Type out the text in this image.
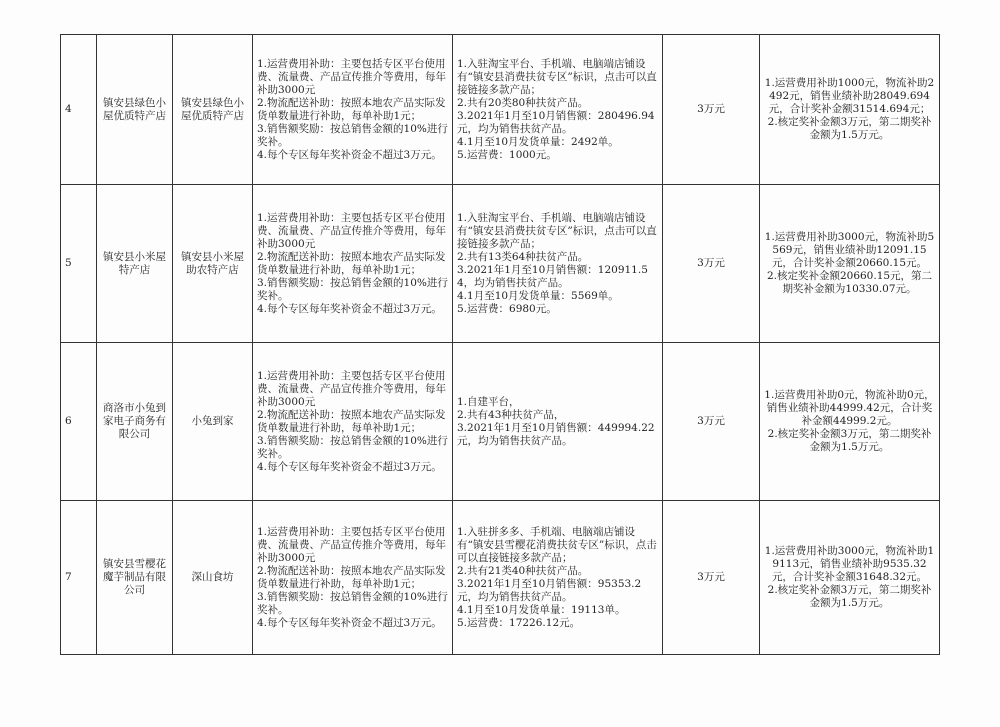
4	镇安县绿色小屋优质特产店	镇安县绿色小屋优质特产店	1.运营费用补助：主要包括专区平台使用费、流量费、产品宣传推介等费用，每年补助3000元
2.物流配送补助：按照本地农产品实际发货单数量进行补助，每单补助1元；
3.销售额奖励：按总销售金额的10%进行奖补。
4.每个专区每年奖补资金不超过3万元。	1.入驻淘宝平台、手机端、电脑端店铺设有“镇安县消费扶贫专区”标识，点击可以直接链接多款产品；
2.共有20类80种扶贫产品。
3.2021年1月至10月销售额：280496.94元，均为销售扶贫产品。
4.1月至10月发货单量：2492单。
5.运营费：1000元。	3万元	1.运营费用补助1000元，物流补助2492元，销售业绩补助28049.694元，合计奖补金额31514.694元；
2.核定奖补金额3万元，第二期奖补金额为1.5万元。

5	镇安县小米屋特产店	镇安县小米屋助农特产店	1.运营费用补助：主要包括专区平台使用费、流量费、产品宣传推介等费用，每年补助3000元
2.物流配送补助：按照本地农产品实际发货单数量进行补助，每单补助1元；
3.销售额奖励：按总销售金额的10%进行奖补。
4.每个专区每年奖补资金不超过3万元。	1.入驻淘宝平台、手机端、电脑端店铺设有“镇安县消费扶贫专区”标识，点击可以直接链接多款产品；
2.共有13类64种扶贫产品。
3.2021年1月至10月销售额：120911.54，均为销售扶贫产品。
4.1月至10月发货单量：5569单。
5.运营费：6980元。	3万元	1.运营费用补助3000元，物流补助5569元，销售业绩补助12091.15元，合计奖补金额20660.15元。
2.核定奖补金额20660.15元，第二期奖补金额为10330.07元。

6	商洛市小兔到家电子商务有限公司	小兔到家	1.运营费用补助：主要包括专区平台使用费、流量费、产品宣传推介等费用，每年补助3000元
2.物流配送补助：按照本地农产品实际发货单数量进行补助，每单补助1元；
3.销售额奖励：按总销售金额的10%进行奖补。
4.每个专区每年奖补资金不超过3万元。	1.自建平台，
2.共有43种扶贫产品，
3.2021年1月至10月销售额：449994.22元，均为销售扶贫产品。	3万元	1.运营费用补助0元，物流补助0元，销售业绩补助44999.42元，合计奖补金额44999.2元。
2.核定奖补金额3万元，第二期奖补金额为1.5万元。

7	镇安县雪樱花魔芋制品有限公司	深山食坊	1.运营费用补助：主要包括专区平台使用费、流量费、产品宣传推介等费用，每年补助3000元
2.物流配送补助：按照本地农产品实际发货单数量进行补助，每单补助1元；
3.销售额奖励：按总销售金额的10%进行奖补。
4.每个专区每年奖补资金不超过3万元。	1.入驻拼多多、手机端、电脑端店铺设有“镇安县雪樱花消费扶贫专区”标识，点击可以直接链接多款产品；
2.共有21类40种扶贫产品。
3.2021年1月至10月销售额：95353.2元，均为销售扶贫产品。
4.1月至10月发货单量：19113单。
5.运营费：17226.12元。	3万元	1.运营费用补助3000元，物流补助19113元，销售业绩补助9535.32元，合计奖补金额31648.32元。
2.核定奖补金额3万元，第二期奖补金额为1.5万元。
